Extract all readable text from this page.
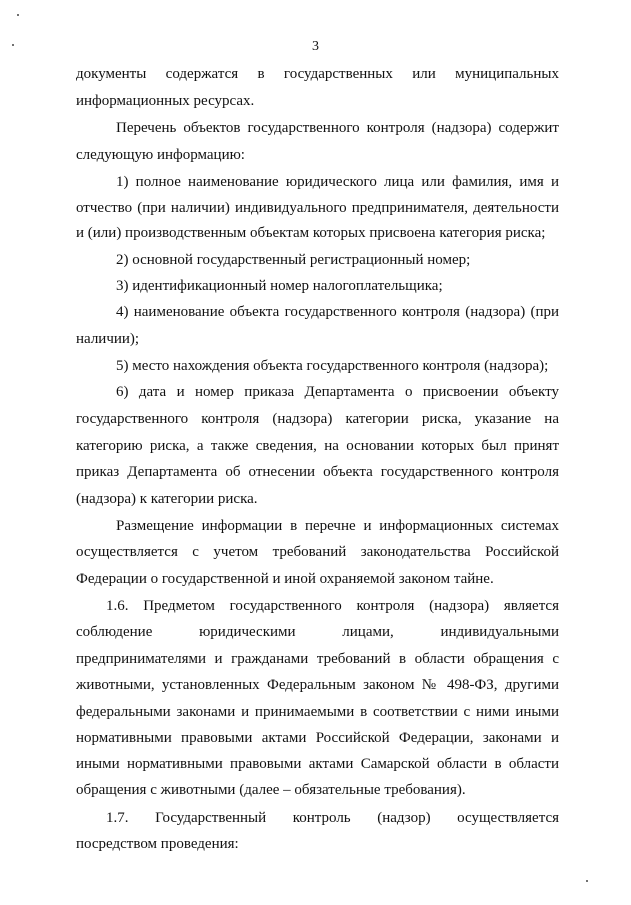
3
документы содержатся в государственных или муниципальных
информационных ресурсах.
Перечень объектов государственного контроля (надзора) содержит
следующую информацию:
1) полное наименование юридического лица или фамилия, имя и
отчество (при наличии) индивидуального предпринимателя, деятельности
и (или) производственным объектам которых присвоена категория риска;
2) основной государственный регистрационный номер;
3) идентификационный номер налогоплательщика;
4) наименование объекта государственного контроля (надзора) (при
наличии);
5) место нахождения объекта государственного контроля (надзора);
6) дата и номер приказа Департамента о присвоении объекту
государственного контроля (надзора) категории риска, указание на
категорию риска, а также сведения, на основании которых был принят
приказ Департамента об отнесении объекта государственного контроля
(надзора) к категории риска.
Размещение информации в перечне и информационных системах
осуществляется с учетом требований законодательства Российской
Федерации о государственной и иной охраняемой законом тайне.
1.6. Предметом государственного контроля (надзора) является
соблюдение юридическими лицами, индивидуальными
предпринимателями и гражданами требований в области обращения с
животными, установленных Федеральным законом № 498-ФЗ, другими
федеральными законами и принимаемыми в соответствии с ними иными
нормативными правовыми актами Российской Федерации, законами и
иными нормативными правовыми актами Самарской области в области
обращения с животными (далее – обязательные требования).
1.7. Государственный контроль (надзор) осуществляется
посредством проведения:
